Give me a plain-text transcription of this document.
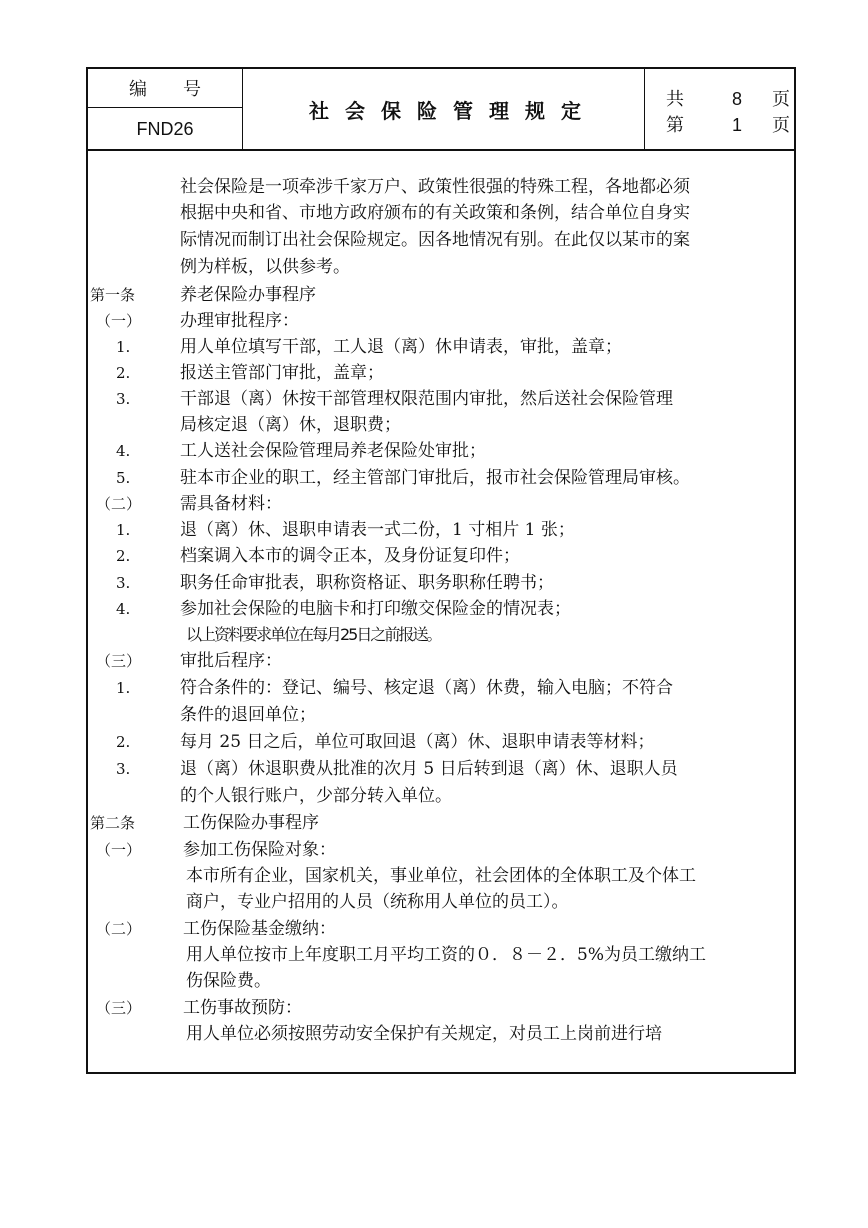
编号
FND26
社会保险管理规定	共	8 页
第	1 页
社会保险是一项牵涉千家万户、政策性很强的特殊工程，各地都必须
根据中央和省、市地方政府颁布的有关政策和条例，结合单位自身实
际情况而制订出社会保险规定。因各地情况有别。在此仅以某市的案
例为样板，以供参考。
第一条	养老保险办事程序
（一） 办理审批程序：
1.	用人单位填写干部，工人退（离）休申请表，审批，盖章；
2.	报送主管部门审批，盖章；
3.	干部退（离）休按干部管理权限范围内审批，然后送社会保险管理
局核定退（离）休，退职费；
4.	工人送社会保险管理局养老保险处审批；
5.	驻本市企业的职工，经主管部门审批后，报市社会保险管理局审核。
（二） 需具备材料：
1.	退（离）休、退职申请表一式二份，1 寸相片 1 张；
2.	档案调入本市的调令正本，及身份证复印件；
3.	职务任命审批表，职称资格证、职务职称任聘书；
4.	参加社会保险的电脑卡和打印缴交保险金的情况表；
以上资料要求单位在每月25日之前报送。
（三） 审批后程序：
1.	符合条件的：登记、编号、核定退（离）休费，输入电脑；不符合
条件的退回单位；
2.	每月 25 日之后，单位可取回退（离）休、退职申请表等材料；
3.	退（离）休退职费从批准的次月 5 日后转到退（离）休、退职人员
的个人银行账户，少部分转入单位。
第二条	工伤保险办事程序
（一） 参加工伤保险对象：
本市所有企业，国家机关，事业单位，社会团体的全体职工及个体工
商户，专业户招用的人员（统称用人单位的员工）。
（二） 工伤保险基金缴纳：
用人单位按市上年度职工月平均工资的０．８－２．5%为员工缴纳工
伤保险费。
（三） 工伤事故预防：
用人单位必须按照劳动安全保护有关规定，对员工上岗前进行培
